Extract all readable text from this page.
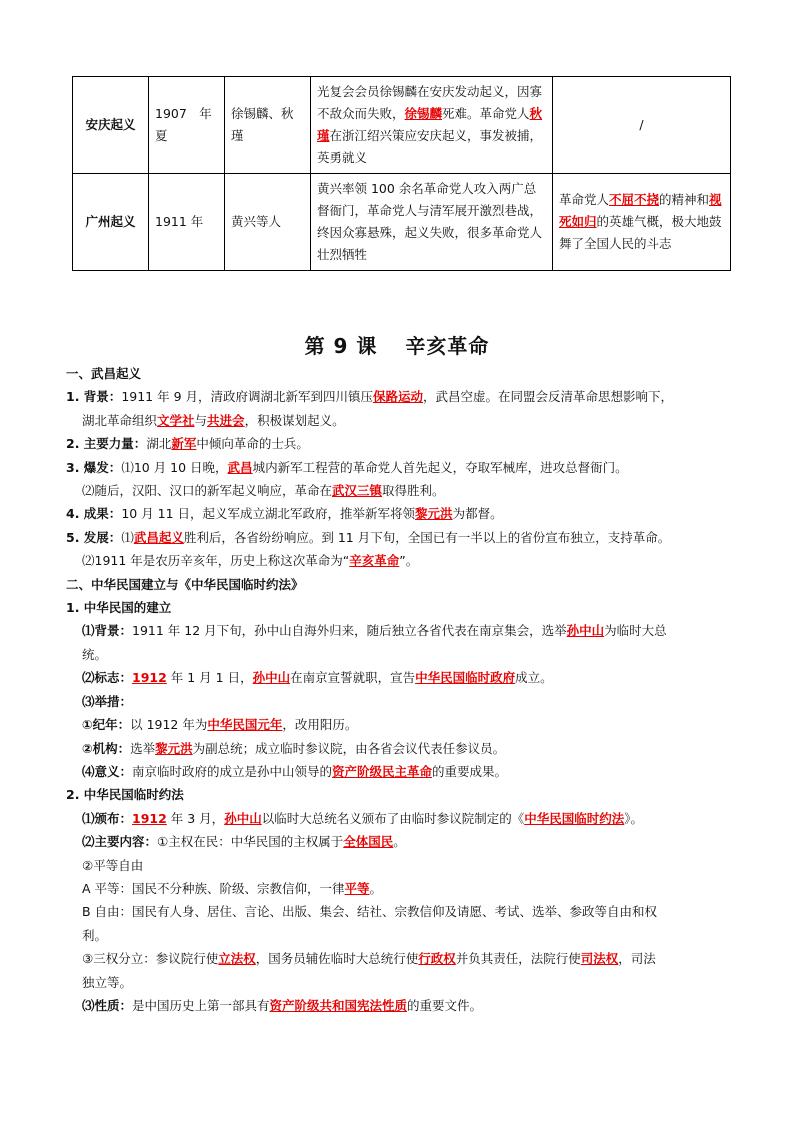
安庆起义	1907　年夏	徐锡麟、秋瑾	光复会会员徐锡麟在安庆发动起义，因寡不敌众而失败，徐锡麟死难。革命党人秋瑾在浙江绍兴策应安庆起义，事发被捕，英勇就义	/
广州起义	1911 年	黄兴等人	黄兴率领 100 余名革命党人攻入两广总督衙门，革命党人与清军展开激烈巷战，终因众寡悬殊，起义失败，很多革命党人壮烈牺牲	革命党人不屈不挠的精神和视死如归的英雄气概，极大地鼓舞了全国人民的斗志
第 9 课 辛亥革命
一、武昌起义
1. 背景：1911 年 9 月，清政府调湖北新军到四川镇压保路运动，武昌空虚。在同盟会反清革命思想影响下，
湖北革命组织文学社与共进会，积极谋划起义。
2. 主要力量：湖北新军中倾向革命的士兵。
3. 爆发：⑴10 月 10 日晚，武昌城内新军工程营的革命党人首先起义，夺取军械库，进攻总督衙门。
⑵随后，汉阳、汉口的新军起义响应，革命在武汉三镇取得胜利。
4. 成果：10 月 11 日，起义军成立湖北军政府，推举新军将领黎元洪为都督。
5. 发展：⑴武昌起义胜利后，各省纷纷响应。到 11 月下旬，全国已有一半以上的省份宣布独立，支持革命。
⑵1911 年是农历辛亥年，历史上称这次革命为“辛亥革命”。
二、中华民国建立与《中华民国临时约法》
1. 中华民国的建立
⑴背景：1911 年 12 月下旬，孙中山自海外归来，随后独立各省代表在南京集会，选举孙中山为临时大总
统。
⑵标志：1912 年 1 月 1 日，孙中山在南京宣誓就职，宣告中华民国临时政府成立。
⑶举措：
①纪年：以 1912 年为中华民国元年，改用阳历。
②机构：选举黎元洪为副总统；成立临时参议院，由各省会议代表任参议员。
⑷意义：南京临时政府的成立是孙中山领导的资产阶级民主革命的重要成果。
2. 中华民国临时约法
⑴颁布：1912 年 3 月，孙中山以临时大总统名义颁布了由临时参议院制定的《中华民国临时约法》。
⑵主要内容：①主权在民：中华民国的主权属于全体国民。
②平等自由
A 平等：国民不分种族、阶级、宗教信仰，一律平等。
B 自由：国民有人身、居住、言论、出版、集会、结社、宗教信仰及请愿、考试、选举、参政等自由和权
利。
③三权分立：参议院行使立法权，国务员辅佐临时大总统行使行政权并负其责任，法院行使司法权，司法
独立等。
⑶性质：是中国历史上第一部具有资产阶级共和国宪法性质的重要文件。
